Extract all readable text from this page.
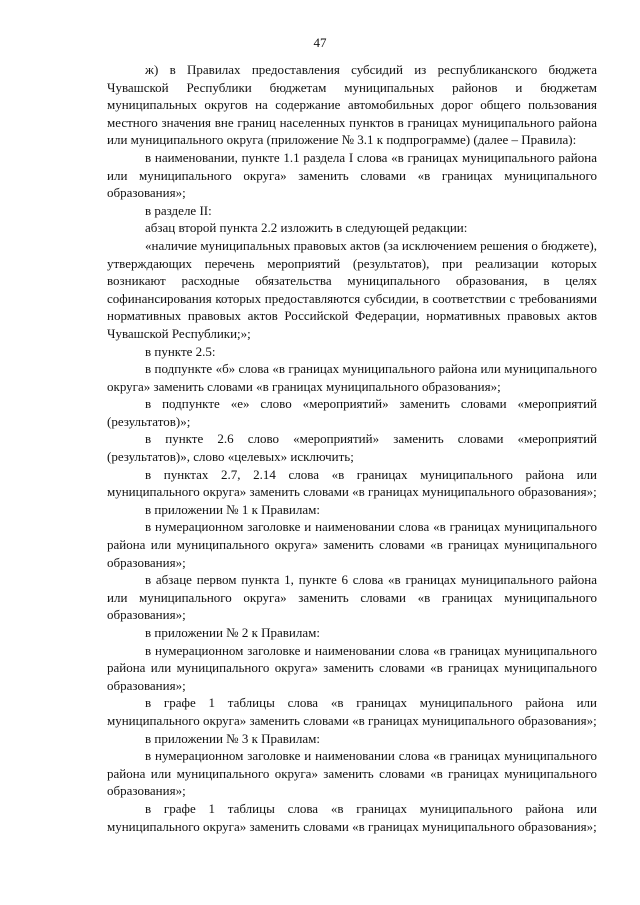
47

ж) в Правилах предоставления субсидий из республиканского бюджета Чувашской Республики бюджетам муниципальных районов и бюджетам муниципальных округов на содержание автомобильных дорог общего пользования местного значения вне границ населенных пунктов в границах муниципального района или муниципального округа (приложение № 3.1 к подпрограмме) (далее – Правила):

в наименовании, пункте 1.1 раздела I слова «в границах муниципального района или муниципального округа» заменить словами «в границах муниципального образования»;

в разделе II:

абзац второй пункта 2.2 изложить в следующей редакции:

«наличие муниципальных правовых актов (за исключением решения о бюджете), утверждающих перечень мероприятий (результатов), при реализации которых возникают расходные обязательства муниципального образования, в целях софинансирования которых предоставляются субсидии, в соответствии с требованиями нормативных правовых актов Российской Федерации, нормативных правовых актов Чувашской Республики;»;

в пункте 2.5:

в подпункте «б» слова «в границах муниципального района или муниципального округа» заменить словами «в границах муниципального образования»;

в подпункте «е» слово «мероприятий» заменить словами «мероприятий (результатов)»;

в пункте 2.6 слово «мероприятий» заменить словами «мероприятий (результатов)», слово «целевых» исключить;

в пунктах 2.7, 2.14 слова «в границах муниципального района или муниципального округа» заменить словами «в границах муниципального образования»;

в приложении № 1 к Правилам:

в нумерационном заголовке и наименовании слова «в границах муниципального района или муниципального округа» заменить словами «в границах муниципального образования»;

в абзаце первом пункта 1, пункте 6 слова «в границах муниципального района или муниципального округа» заменить словами «в границах муниципального образования»;

в приложении № 2 к Правилам:

в нумерационном заголовке и наименовании слова «в границах муниципального района или муниципального округа» заменить словами «в границах муниципального образования»;

в графе 1 таблицы слова «в границах муниципального района или муниципального округа» заменить словами «в границах муниципального образования»;

в приложении № 3 к Правилам:

в нумерационном заголовке и наименовании слова «в границах муниципального района или муниципального округа» заменить словами «в границах муниципального образования»;

в графе 1 таблицы слова «в границах муниципального района или муниципального округа» заменить словами «в границах муниципального образования»;
